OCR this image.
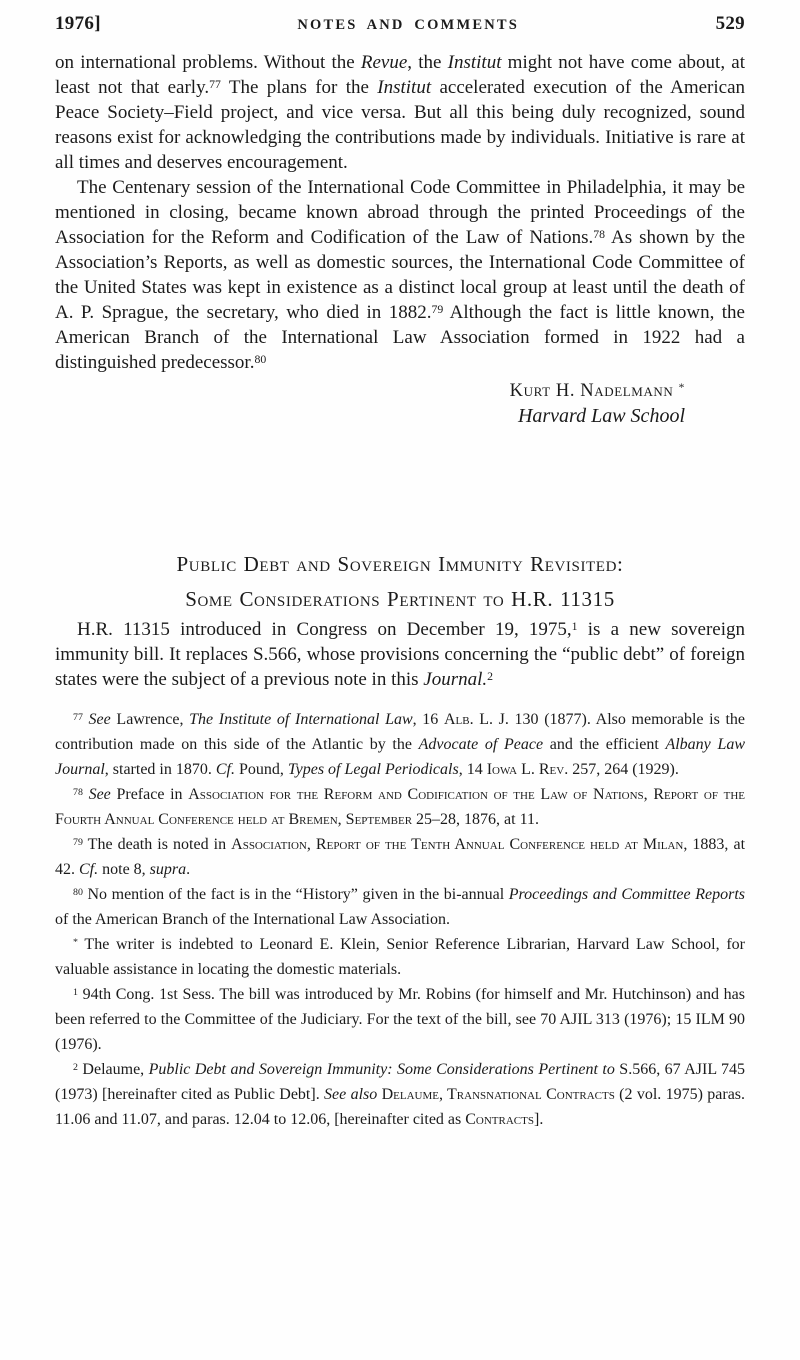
1976]	NOTES AND COMMENTS	529

on international problems. Without the Revue, the Institut might not have come about, at least not that early.$^{77}$ The plans for the Institut accelerated execution of the American Peace Society–Field project, and vice versa. But all this being duly recognized, sound reasons exist for acknowledging the contributions made by individuals. Initiative is rare at all times and deserves encouragement.

The Centenary session of the International Code Committee in Philadelphia, it may be mentioned in closing, became known abroad through the printed Proceedings of the Association for the Reform and Codification of the Law of Nations.$^{78}$ As shown by the Association’s Reports, as well as domestic sources, the International Code Committee of the United States was kept in existence as a distinct local group at least until the death of A. P. Sprague, the secretary, who died in 1882.79 Although the fact is little known, the American Branch of the International Law Association formed in 1922 had a distinguished predecessor.$^{80}$

Kurt H. Nadelmann *
Harvard Law School
Public Debt and Sovereign Immunity Revisited:
Some Considerations Pertinent to H.R. 11315

H.R. 11315 introduced in Congress on December 19, 1975,$^1$ is a new sovereign immunity bill. It replaces S.566, whose provisions concerning the “public debt” of foreign states were the subject of a previous note in this Journal.$^2$

$^{77}$ See Lawrence, The Institute of International Law, 16 Alb. L. J. 130 (1877). Also memorable is the contribution made on this side of the Atlantic by the Advocate of Peace and the efficient Albany Law Journal, started in 1870. Cf. Pound, Types of Legal Periodicals, 14 Iowa L. Rev. 257, 264 (1929).

$^{78}$ See Preface in Association for the Reform and Codification of the Law of Nations, Report of the Fourth Annual Conference held at Bremen, September 25–28, 1876, at 11.

$^{79}$ The death is noted in Association, Report of the Tenth Annual Conference held at Milan, 1883, at 42. Cf. note 8, supra.

$^{80}$ No mention of the fact is in the “History” given in the bi-annual Proceedings and Committee Reports of the American Branch of the International Law Association.

* The writer is indebted to Leonard E. Klein, Senior Reference Librarian, Harvard Law School, for valuable assistance in locating the domestic materials.

$^1$ 94th Cong. 1st Sess. The bill was introduced by Mr. Robins (for himself and Mr. Hutchinson) and has been referred to the Committee of the Judiciary. For the text of the bill, see 70 AJIL 313 (1976); 15 ILM 90 (1976).

$^2$ Delaume, Public Debt and Sovereign Immunity: Some Considerations Pertinent to S.566, 67 AJIL 745 (1973) [hereinafter cited as Public Debt]. See also Delaume, Transnational Contracts (2 vol. 1975) paras. 11.06 and 11.07, and paras. 12.04 to 12.06, [hereinafter cited as Contracts].
